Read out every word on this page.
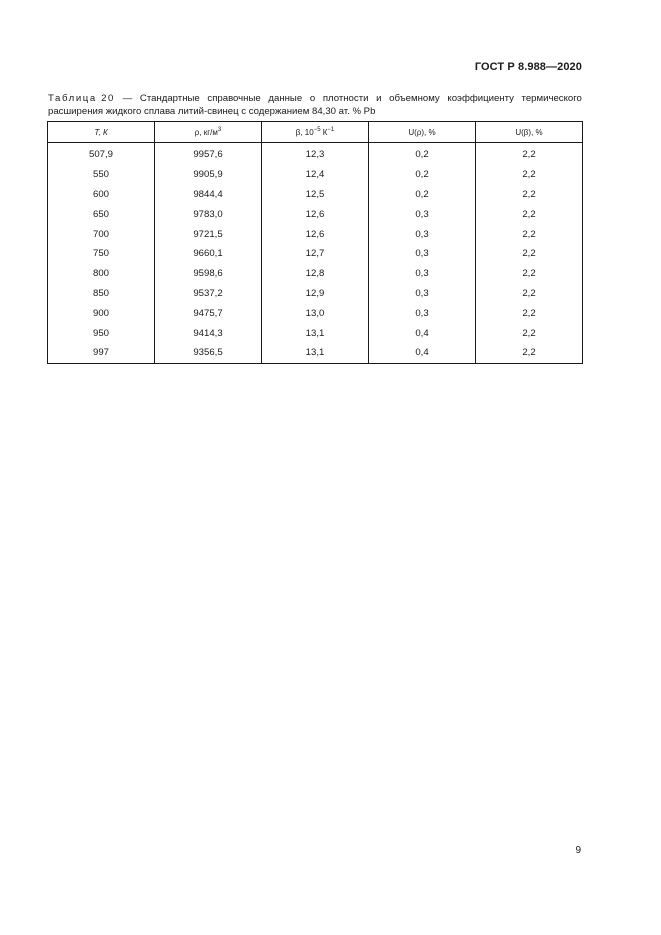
ГОСТ Р 8.988—2020
Таблица 20 — Стандартные справочные данные о плотности и объемному коэффициенту термического
расширения жидкого сплава литий-свинец с содержанием 84,30 ат. % Pb
T, К	ρ, $кг/м^3$	β, $10^{-5}$ $К^{-1}$	U(ρ), %	U(β), %
507,9	9957,6	12,3	0,2	2,2
550	9905,9	12,4	0,2	2,2
600	9844,4	12,5	0,2	2,2
650	9783,0	12,6	0,3	2,2
700	9721,5	12,6	0,3	2,2
750	9660,1	12,7	0,3	2,2
800	9598,6	12,8	0,3	2,2
850	9537,2	12,9	0,3	2,2
900	9475,7	13,0	0,3	2,2
950	9414,3	13,1	0,4	2,2
997	9356,5	13,1	0,4	2,2
9
